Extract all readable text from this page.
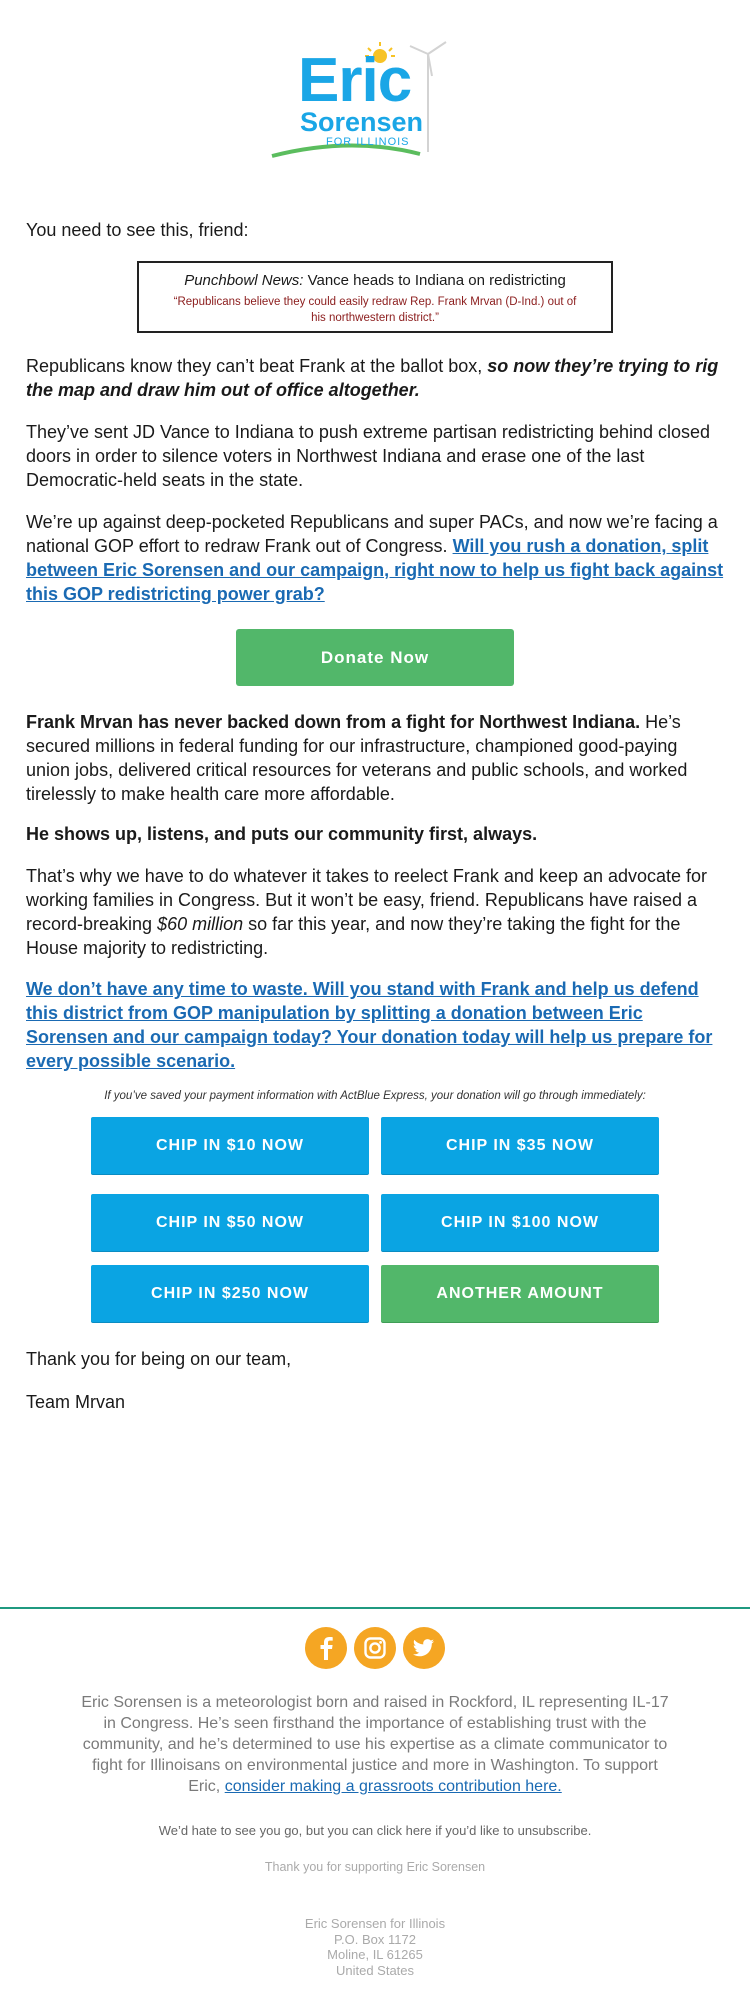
Eric
Sorensen
FOR ILLINOIS

You need to see this, friend:

Punchbowl News: Vance heads to Indiana on redistricting
“Republicans believe they could easily redraw Rep. Frank Mrvan (D-Ind.) out of his northwestern district.”

Republicans know they can’t beat Frank at the ballot box, so now they’re trying to rig the map and draw him out of office altogether.

They’ve sent JD Vance to Indiana to push extreme partisan redistricting behind closed doors in order to silence voters in Northwest Indiana and erase one of the last Democratic-held seats in the state.

We’re up against deep-pocketed Republicans and super PACs, and now we’re facing a national GOP effort to redraw Frank out of Congress. Will you rush a donation, split between Eric Sorensen and our campaign, right now to help us fight back against this GOP redistricting power grab?

Donate Now

Frank Mrvan has never backed down from a fight for Northwest Indiana. He’s secured millions in federal funding for our infrastructure, championed good-paying union jobs, delivered critical resources for veterans and public schools, and worked tirelessly to make health care more affordable.

He shows up, listens, and puts our community first, always.

That’s why we have to do whatever it takes to reelect Frank and keep an advocate for working families in Congress. But it won’t be easy, friend. Republicans have raised a record-breaking $60 million so far this year, and now they’re taking the fight for the House majority to redistricting.

We don’t have any time to waste. Will you stand with Frank and help us defend this district from GOP manipulation by splitting a donation between Eric Sorensen and our campaign today? Your donation today will help us prepare for every possible scenario.

If you’ve saved your payment information with ActBlue Express, your donation will go through immediately:
CHIP IN $10 NOW	CHIP IN $35 NOW
CHIP IN $50 NOW	CHIP IN $100 NOW
CHIP IN $250 NOW	ANOTHER AMOUNT

Thank you for being on our team,

Team Mrvan

Eric Sorensen is a meteorologist born and raised in Rockford, IL representing IL-17 in Congress. He’s seen firsthand the importance of establishing trust with the community, and he’s determined to use his expertise as a climate communicator to fight for Illinoisans on environmental justice and more in Washington. To support Eric, consider making a grassroots contribution here.

We’d hate to see you go, but you can click here if you’d like to unsubscribe.
Thank you for supporting Eric Sorensen
Eric Sorensen for Illinois
P.O. Box 1172
Moline, IL 61265
United States
